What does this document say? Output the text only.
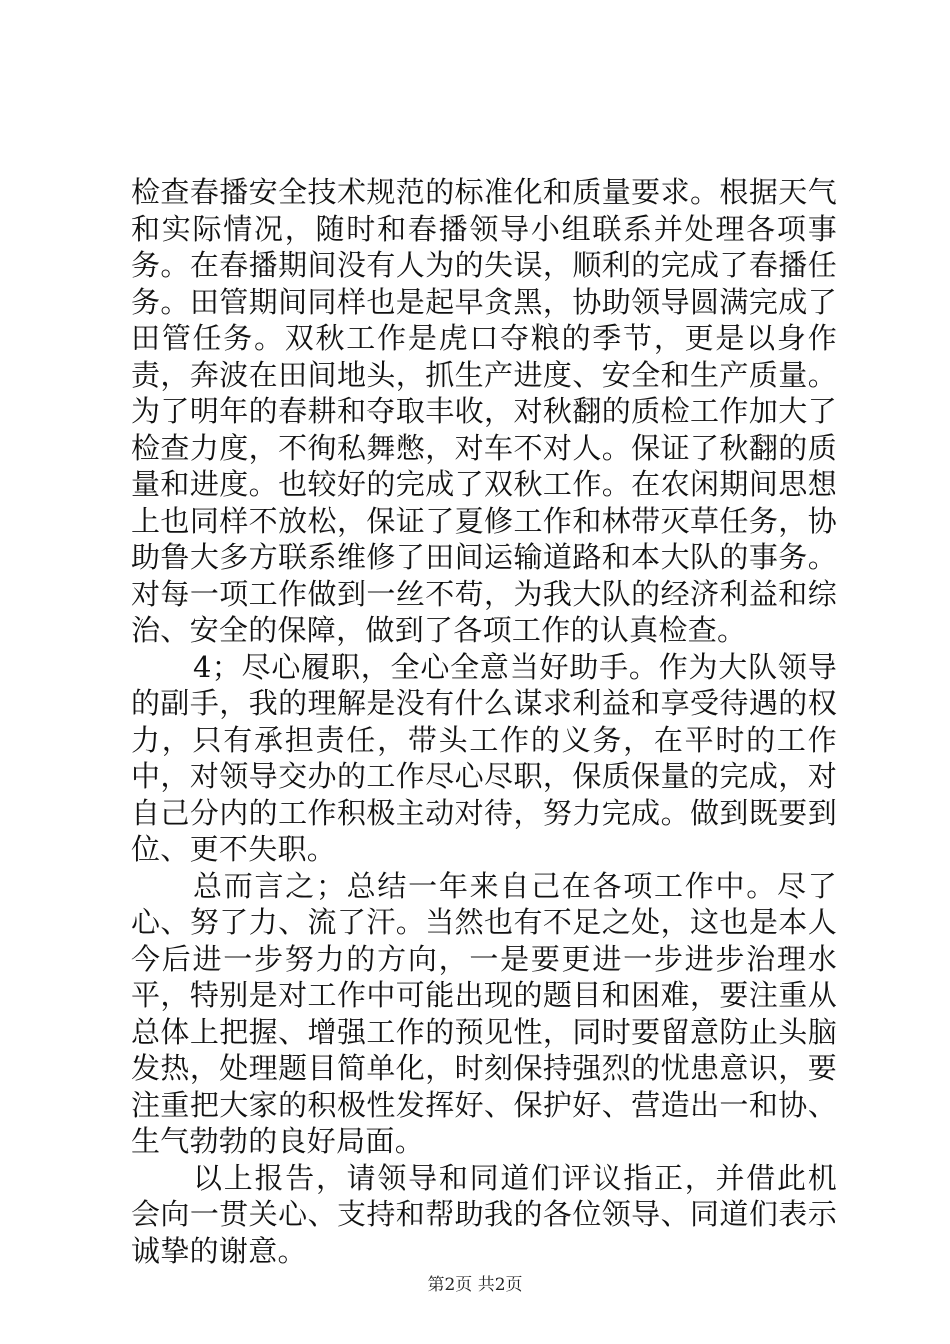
检查春播安全技术规范的标准化和质量要求。根据天气和实际情况，随时和春播领导小组联系并处理各项事务。在春播期间没有人为的失误，顺利的完成了春播任务。田管期间同样也是起早贪黑，协助领导圆满完成了田管任务。双秋工作是虎口夺粮的季节，更是以身作责，奔波在田间地头，抓生产进度、安全和生产质量。为了明年的春耕和夺取丰收，对秋翻的质检工作加大了检查力度，不徇私舞憋，对车不对人。保证了秋翻的质量和进度。也较好的完成了双秋工作。在农闲期间思想上也同样不放松，保证了夏修工作和林带灭草任务，协助鲁大多方联系维修了田间运输道路和本大队的事务。对每一项工作做到一丝不苟，为我大队的经济利益和综治、安全的保障，做到了各项工作的认真检查。

4；尽心履职，全心全意当好助手。作为大队领导的副手，我的理解是没有什么谋求利益和享受待遇的权力，只有承担责任，带头工作的义务，在平时的工作中，对领导交办的工作尽心尽职，保质保量的完成，对自己分内的工作积极主动对待，努力完成。做到既要到位、更不失职。

总而言之；总结一年来自己在各项工作中。尽了心、努了力、流了汗。当然也有不足之处，这也是本人今后进一步努力的方向，一是要更进一步进步治理水平，特别是对工作中可能出现的题目和困难，要注重从总体上把握、增强工作的预见性，同时要留意防止头脑发热，处理题目简单化，时刻保持强烈的忧患意识，要注重把大家的积极性发挥好、保护好、营造出一和协、生气勃勃的良好局面。

以上报告，请领导和同道们评议指正，并借此机会向一贯关心、支持和帮助我的各位领导、同道们表示诚挚的谢意。

第2页 共2页
